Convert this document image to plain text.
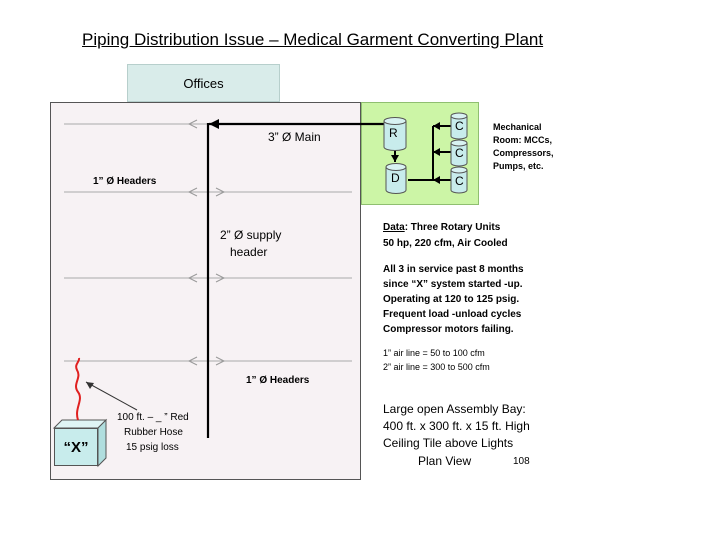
Piping Distribution Issue – Medical Garment Converting Plant
Offices
R
D
C
C
C
3” Ø Main
1” Ø Headers
1” Ø Headers
2” Ø supply
header
Mechanical
Room: MCCs,
Compressors,
Pumps, etc.
“X”
100 ft. – _ ” Red
Rubber Hose
15 psig loss
Data: Three Rotary Units
50 hp, 220 cfm, Air Cooled
All 3 in service past 8 months
since “X” system started -up.
Operating at 120 to 125 psig.
Frequent load -unload cycles
Compressor motors failing.
1” air line = 50 to 100 cfm
2” air line = 300 to 500 cfm
Large open Assembly Bay:
400 ft. x 300 ft. x 15 ft. High
Ceiling Tile above Lights
Plan View	108
